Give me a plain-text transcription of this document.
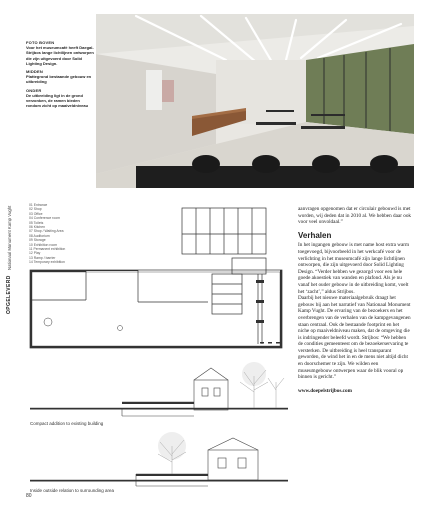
FOTO BOVEN
Voor het museumcafé heeft Daegal-Strijbos lange lichtlijnen ontworpen die zijn uitgevoerd door Solid Lighting Design.
MIDDEN
Plattegrond bestaande gebouw en uitbreiding
ONDER
De uitbreiding ligt in de grond verzonken, de ramen bieden rondom zicht op maaiveldniveau
OPGELEVERD
Nationaal Monument Kamp Vught
01 Entrance
02 Shop
03 Office
04 Conference room
05 Toilets
06 Kitchen
07 Shop / Waiting Area
08 Auditorium
09 Storage
10 Exhibition room
11 Permanent exhibition
12 Play
13 Ramp / barrier
14 Temporary exhibition
Compact addition to existing building
Inside outside relation to surrounding area

aanvragen opgenomen dat er circulair gebouwd is met worden, wij deden dat in 2010 al. We hebben daar ook voor veel onvoldaal.”

Verhalen

In het ingangen gebouw is met name host extra warm toegevoegd, bijvoorbeeld in het werkcafé voor de verlichting in het museumcafé zijn lange lichtlijnen ontworpen, die zijn uitgevoerd door Solid Lighting Design. “Verder hebben we gezorgd voor een hele goede akoestiek van wanden en plafond. Als je nu vanaf het ouder gebouw in de uitbreiding komt, voelt het ‘zacht’,” aldus Strijbos.

Daarbij het nieuwe materiaalgebruik draagt het gebouw bij aan het narratief van Nationaal Monument Kamp Vught. De ervaring van de bezoekers en het overbrengen van de verhalen van de kampgevangenen staan centraal. Ook de bestaande footprint en het niche op maaiveldniveau maken, dat de omgeving die is indringender beleefd wordt. Strijbos: “We hebben de condities gemeenteest om de bezoekerservaring te versterken. De uitbreiding is heel transparant geworden, de wind het in en de mens niet altijd dicht en doorschemer te zijn. We wilden een museumgebouw ontwerpen waar de blik vooral op binnen is gericht.”

www.doepelstrijbos.com
80
